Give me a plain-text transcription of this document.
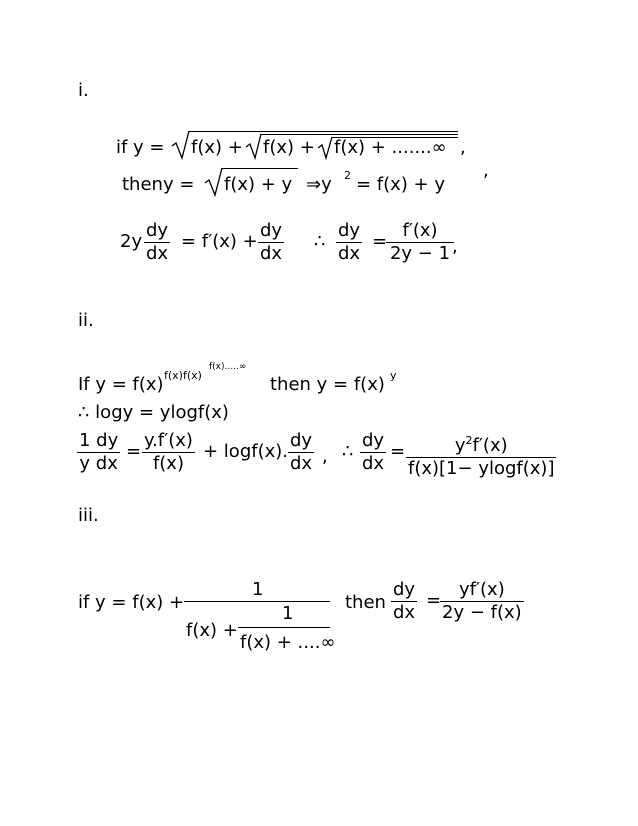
i.
if y = f(x) + f(x) + f(x) + .......∞ ,
theny = f(x) + y ⇒y 2 = f(x) + y
,
2y
dy
dx
= f′(x) +
dy
dx
∴
dy
dx
=
f′(x)
2y − 1 ,
ii.
If y = f(x) f(x)f(x)
f(x).....∞
then y = f(x) y
∴ logy = ylogf(x)
1 dy
y dx
=
y.f′(x)
f(x)
+ logf(x).
dy
dx , ∴
dy
dx
=	$y^2f'(x)$
f(x)[1− ylogf(x)]
iii.
if y = f(x) +
1
f(x) +
1
f(x) + ....∞
then
dy
dx
=
yf′(x)
2y − f(x)
